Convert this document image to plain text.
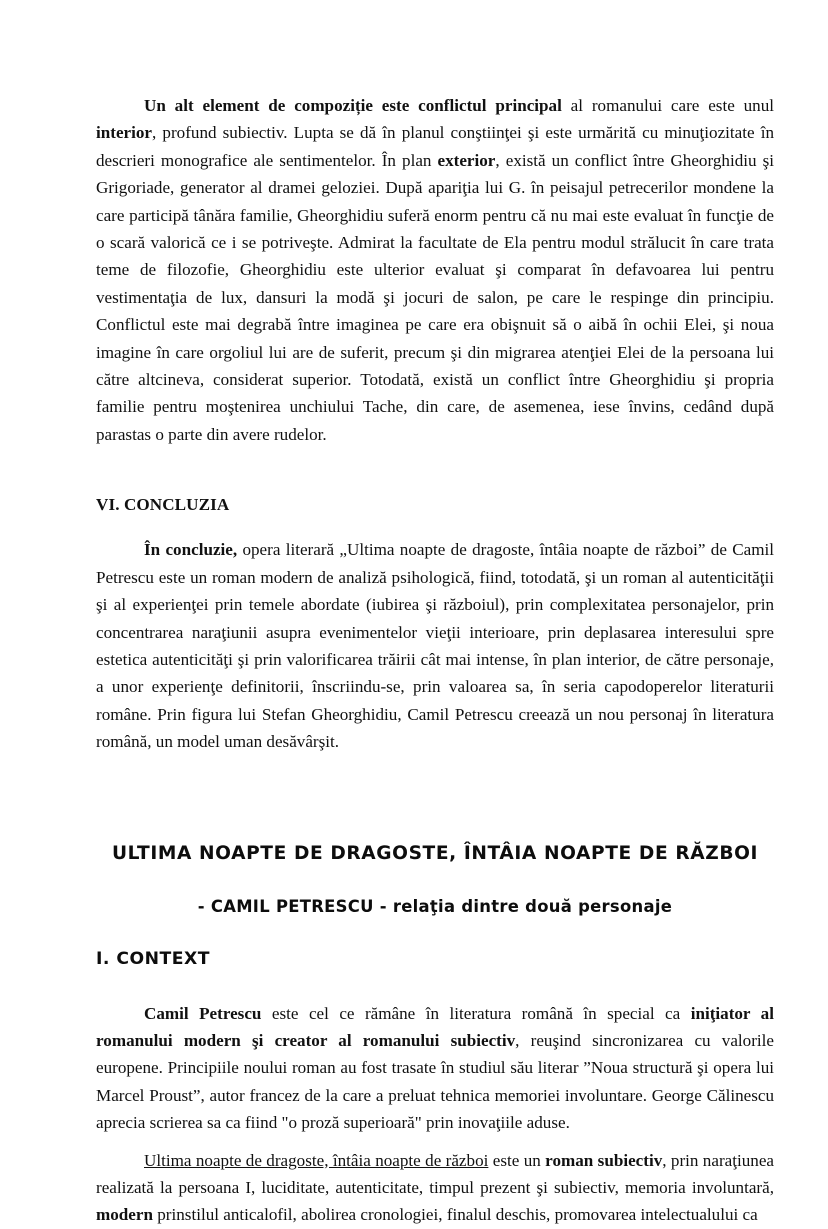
Un alt element de compoziție este conflictul principal al romanului care este unul interior, profund subiectiv. Lupta se dă în planul conştiinţei şi este urmărită cu minuţiozitate în descrieri monografice ale sentimentelor. În plan exterior, există un conflict între Gheorghidiu şi Grigoriade, generator al dramei geloziei. După apariţia lui G. în peisajul petrecerilor mondene la care participă tânăra familie, Gheorghidiu suferă enorm pentru că nu mai este evaluat în funcţie de o scară valorică ce i se potriveşte. Admirat la facultate de Ela pentru modul strălucit în care trata teme de filozofie, Gheorghidiu este ulterior evaluat şi comparat în defavoarea lui pentru vestimentaţia de lux, dansuri la modă şi jocuri de salon, pe care le respinge din principiu. Conflictul este mai degrabă între imaginea pe care era obişnuit să o aibă în ochii Elei, şi noua imagine în care orgoliul lui are de suferit, precum şi din migrarea atenţiei Elei de la persoana lui către altcineva, considerat superior. Totodată, există un conflict între Gheorghidiu şi propria familie pentru moştenirea unchiului Tache, din care, de asemenea, iese învins, cedând după parastas o parte din avere rudelor.

VI. CONCLUZIA

În concluzie, opera literară „Ultima noapte de dragoste, întâia noapte de război” de Camil Petrescu este un roman modern de analiză psihologică, fiind, totodată, şi un roman al autenticităţii şi al experienţei prin temele abordate (iubirea şi războiul), prin complexitatea personajelor, prin concentrarea naraţiunii asupra evenimentelor vieţii interioare, prin deplasarea interesului spre estetica autenticităţi şi prin valorificarea trăirii cât mai intense, în plan interior, de către personaje, a unor experienţe definitorii, înscriindu-se, prin valoarea sa, în seria capodoperelor literaturii române. Prin figura lui Stefan Gheorghidiu, Camil Petrescu creează un nou personaj în literatura română, un model uman desăvârşit.

ULTIMA NOAPTE DE DRAGOSTE, ÎNTÂIA NOAPTE DE RĂZBOI
- CAMIL PETRESCU - relaţia dintre două personaje
I. CONTEXT

Camil Petrescu este cel ce rămâne în literatura română în special ca iniţiator al romanului modern şi creator al romanului subiectiv, reuşind sincronizarea cu valorile europene. Principiile noului roman au fost trasate în studiul său literar ”Noua structură şi opera lui Marcel Proust”, autor francez de la care a preluat tehnica memoriei involuntare. George Călinescu aprecia scrierea sa ca fiind "o proză superioară" prin inovaţiile aduse.

Ultima noapte de dragoste, întâia noapte de război este un roman subiectiv, prin naraţiunea realizată la persoana I, luciditate, autenticitate, timpul prezent şi subiectiv, memoria involuntară, modern prinstilul anticalofil, abolirea cronologiei, finalul deschis, promovarea intelectualului ca
